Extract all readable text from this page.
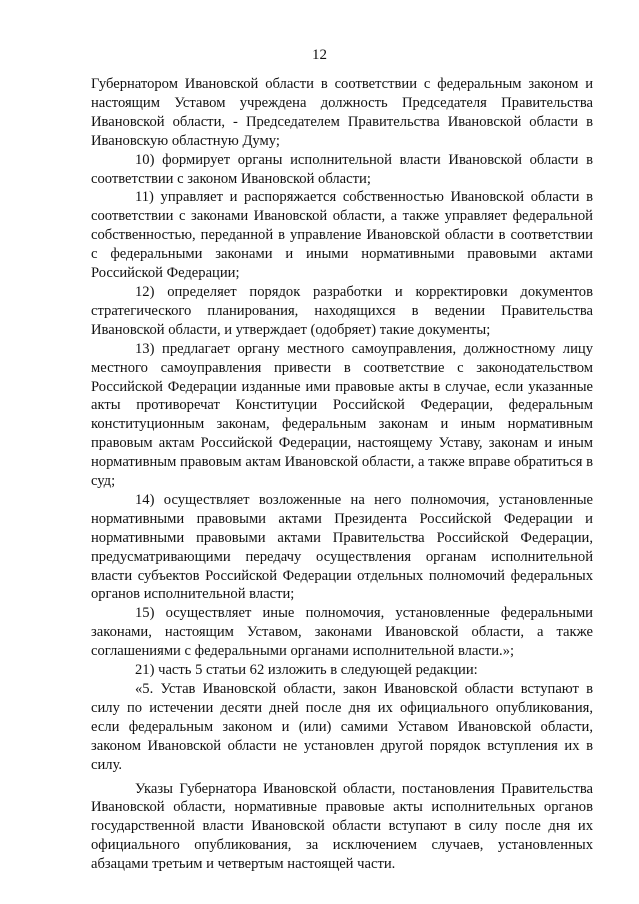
12

Губернатором Ивановской области в соответствии с федеральным законом и настоящим Уставом учреждена должность Председателя Правительства Ивановской области, - Председателем Правительства Ивановской области в Ивановскую областную Думу;

10) формирует органы исполнительной власти Ивановской области в соответствии с законом Ивановской области;

11) управляет и распоряжается собственностью Ивановской области в соответствии с законами Ивановской области, а также управляет федеральной собственностью, переданной в управление Ивановской области в соответствии с федеральными законами и иными нормативными правовыми актами Российской Федерации;

12) определяет порядок разработки и корректировки документов стратегического планирования, находящихся в ведении Правительства Ивановской области, и утверждает (одобряет) такие документы;

13) предлагает органу местного самоуправления, должностному лицу местного самоуправления привести в соответствие с законодательством Российской Федерации изданные ими правовые акты в случае, если указанные акты противоречат Конституции Российской Федерации, федеральным конституционным законам, федеральным законам и иным нормативным правовым актам Российской Федерации, настоящему Уставу, законам и иным нормативным правовым актам Ивановской области, а также вправе обратиться в суд;

14) осуществляет возложенные на него полномочия, установленные нормативными правовыми актами Президента Российской Федерации и нормативными правовыми актами Правительства Российской Федерации, предусматривающими передачу осуществления органам исполнительной власти субъектов Российской Федерации отдельных полномочий федеральных органов исполнительной власти;

15) осуществляет иные полномочия, установленные федеральными законами, настоящим Уставом, законами Ивановской области, а также соглашениями с федеральными органами исполнительной власти.»;

21) часть 5 статьи 62 изложить в следующей редакции:

«5. Устав Ивановской области, закон Ивановской области вступают в силу по истечении десяти дней после дня их официального опубликования, если федеральным законом и (или) самими Уставом Ивановской области, законом Ивановской области не установлен другой порядок вступления их в силу.

Указы Губернатора Ивановской области, постановления Правительства Ивановской области, нормативные правовые акты исполнительных органов государственной власти Ивановской области вступают в силу после дня их официального опубликования, за исключением случаев, установленных абзацами третьим и четвертым настоящей части.
